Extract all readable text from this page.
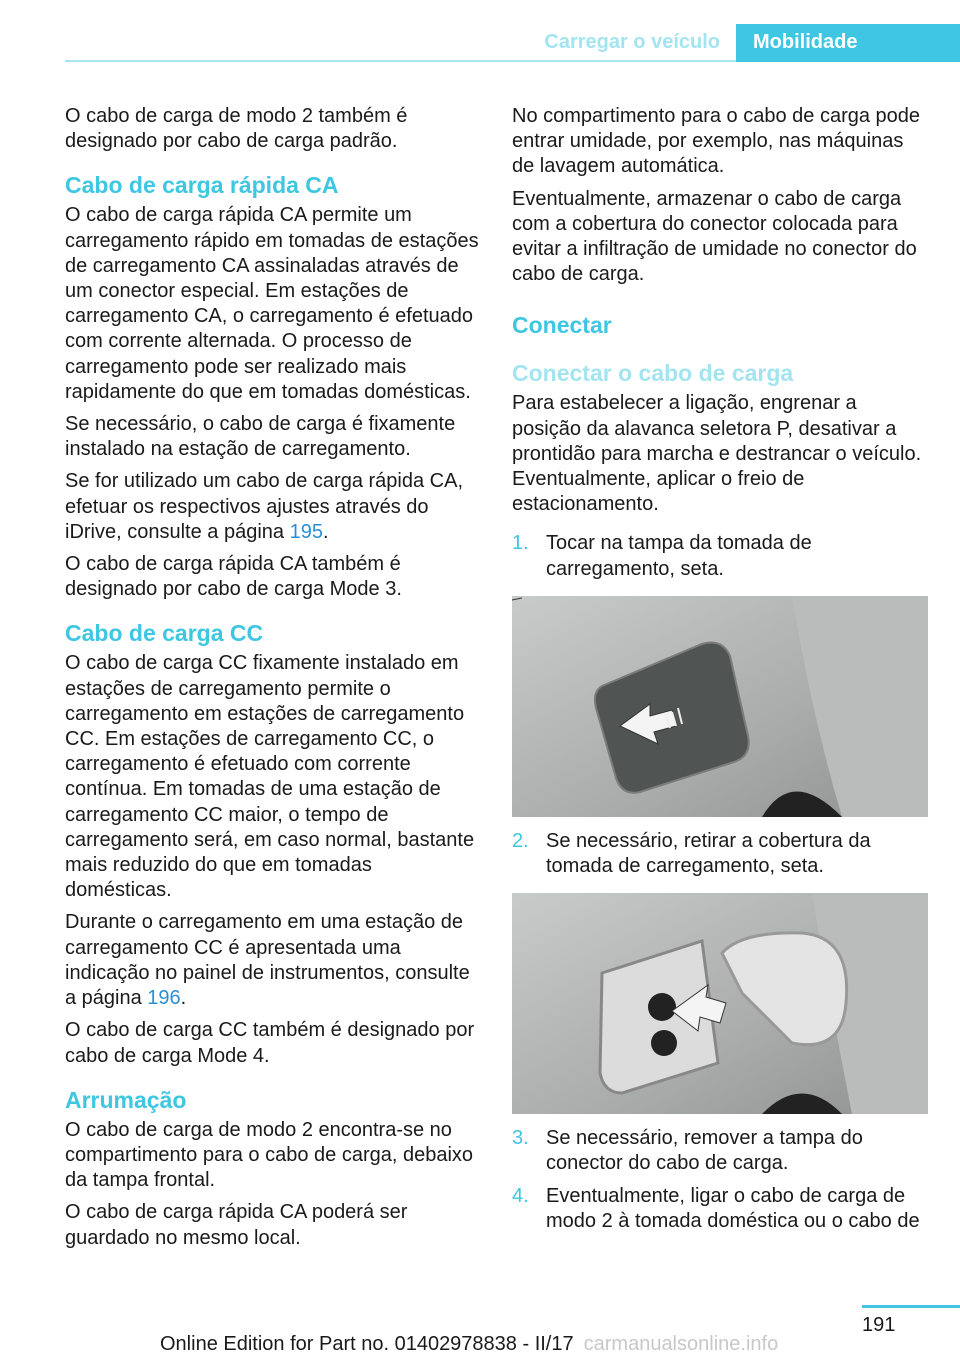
Carregar o veículo	Mobilidade
O cabo de carga de modo 2 também é designado por cabo de carga padrão.
Cabo de carga rápida CA
O cabo de carga rápida CA permite um carregamento rápido em tomadas de estações de carregamento CA assinaladas através de um conector especial. Em estações de carregamento CA, o carregamento é efetuado com corrente alternada. O processo de carregamento pode ser realizado mais rapidamente do que em tomadas domésticas.
Se necessário, o cabo de carga é fixamente instalado na estação de carregamento.
Se for utilizado um cabo de carga rápida CA, efetuar os respectivos ajustes através do iDrive, consulte a página 195.
O cabo de carga rápida CA também é designado por cabo de carga Mode 3.
Cabo de carga CC
O cabo de carga CC fixamente instalado em estações de carregamento permite o carregamento em estações de carregamento CC. Em estações de carregamento CC, o carregamento é efetuado com corrente contínua. Em tomadas de uma estação de carregamento CC maior, o tempo de carregamento será, em caso normal, bastante mais reduzido do que em tomadas domésticas.
Durante o carregamento em uma estação de carregamento CC é apresentada uma indicação no painel de instrumentos, consulte a página 196.
O cabo de carga CC também é designado por cabo de carga Mode 4.
Arrumação
O cabo de carga de modo 2 encontra-se no compartimento para o cabo de carga, debaixo da tampa frontal.
O cabo de carga rápida CA poderá ser guardado no mesmo local.
No compartimento para o cabo de carga pode entrar umidade, por exemplo, nas máquinas de lavagem automática.
Eventualmente, armazenar o cabo de carga com a cobertura do conector colocada para evitar a infiltração de umidade no conector do cabo de carga.
Conectar
Conectar o cabo de carga
Para estabelecer a ligação, engrenar a posição da alavanca seletora P, desativar a prontidão para marcha e destrancar o veículo. Eventualmente, aplicar o freio de estacionamento.
1. Tocar na tampa da tomada de carregamento, seta.
2. Se necessário, retirar a cobertura da tomada de carregamento, seta.
3. Se necessário, remover a tampa do conector do cabo de carga.
4. Eventualmente, ligar o cabo de carga de modo 2 à tomada doméstica ou o cabo de
191
Online Edition for Part no. 01402978838 - II/17 carmanualsonline.info
